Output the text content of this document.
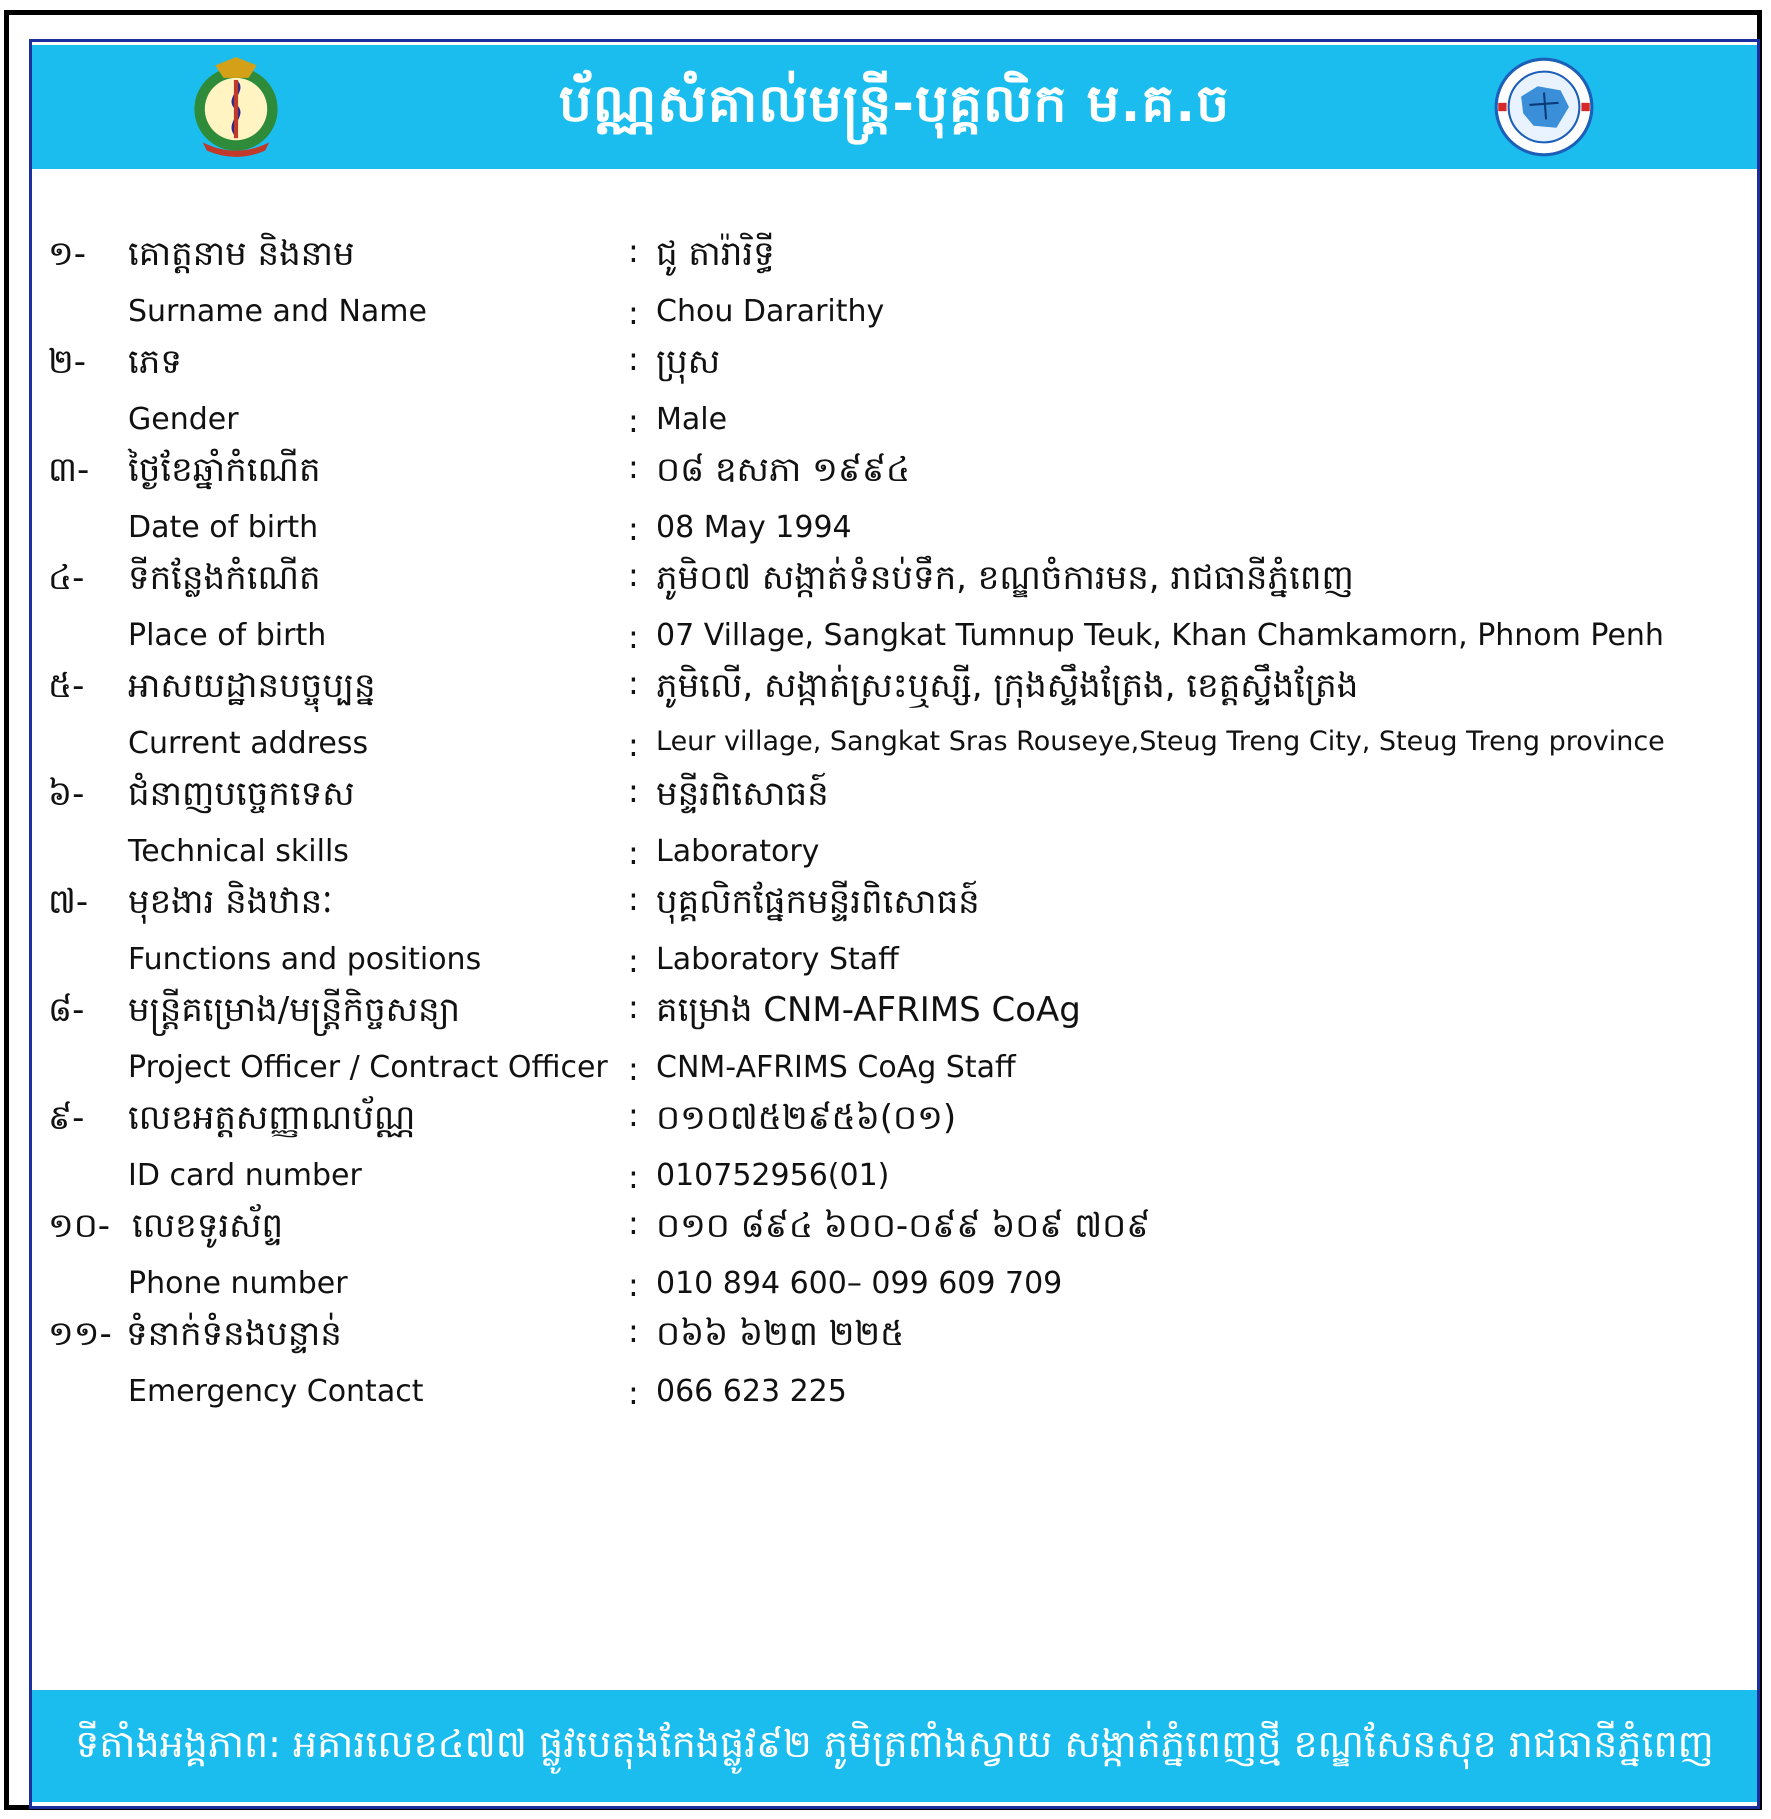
ប័ណ្ណសំគាល់មន្ត្រី-បុគ្គលិក ម.គ.ច
១- គោត្តនាម និងនាម	: ជូ តារ៉ារិទ្ធី
Surname and Name	: Chou Dararithy
២- ភេទ	: ប្រុស
Gender	: Male
៣- ថ្ងៃខែឆ្នាំកំណើត	: ០៨ ឧសភា ១៩៩៤
Date of birth	: 08 May 1994
៤- ទីកន្លែងកំណើត	: ភូមិ០៧ សង្កាត់ទំនប់ទឹក, ខណ្ឌចំការមន, រាជធានីភ្នំពេញ
Place of birth	: 07 Village, Sangkat Tumnup Teuk, Khan Chamkamorn, Phnom Penh
៥- អាសយដ្ឋានបច្ចុប្បន្ន	: ភូមិលើ, សង្កាត់ស្រះឬស្សី, ក្រុងស្ទឹងត្រែង, ខេត្តស្ទឹងត្រែង
Current address	: Leur village, Sangkat Sras Rouseye,Steug Treng City, Steug Treng province
៦- ជំនាញបច្ចេកទេស	: មន្ទីរពិសោធន៍
Technical skills	: Laboratory
៧- មុខងារ និងឋានៈ	: បុគ្គលិកផ្នែកមន្ទីរពិសោធន៍
Functions and positions	: Laboratory Staff
៨- មន្ត្រីគម្រោង/មន្ត្រីកិច្ចសន្យា	: គម្រោង CNM-AFRIMS CoAg
Project Officer / Contract Officer : CNM-AFRIMS CoAg Staff
៩- លេខអត្តសញ្ញាណប័ណ្ណ	: ០១០៧៥២៩៥៦(០១)
ID card number	: 010752956(01)
១០- លេខទូរស័ព្ទ	: ០១០ ៨៩៤ ៦០០-០៩៩ ៦០៩ ៧០៩
Phone number	: 010 894 600– 099 609 709
១១- ទំនាក់ទំនងបន្ទាន់	: ០៦៦ ៦២៣ ២២៥
Emergency Contact	: 066 623 225
ទីតាំងអង្គភាព: អគារលេខ៤៧៧ ផ្លូវបេតុងកែងផ្លូវ៩២ ភូមិត្រពាំងស្វាយ សង្កាត់ភ្នំពេញថ្មី ខណ្ឌសែនសុខ រាជធានីភ្នំពេញ
